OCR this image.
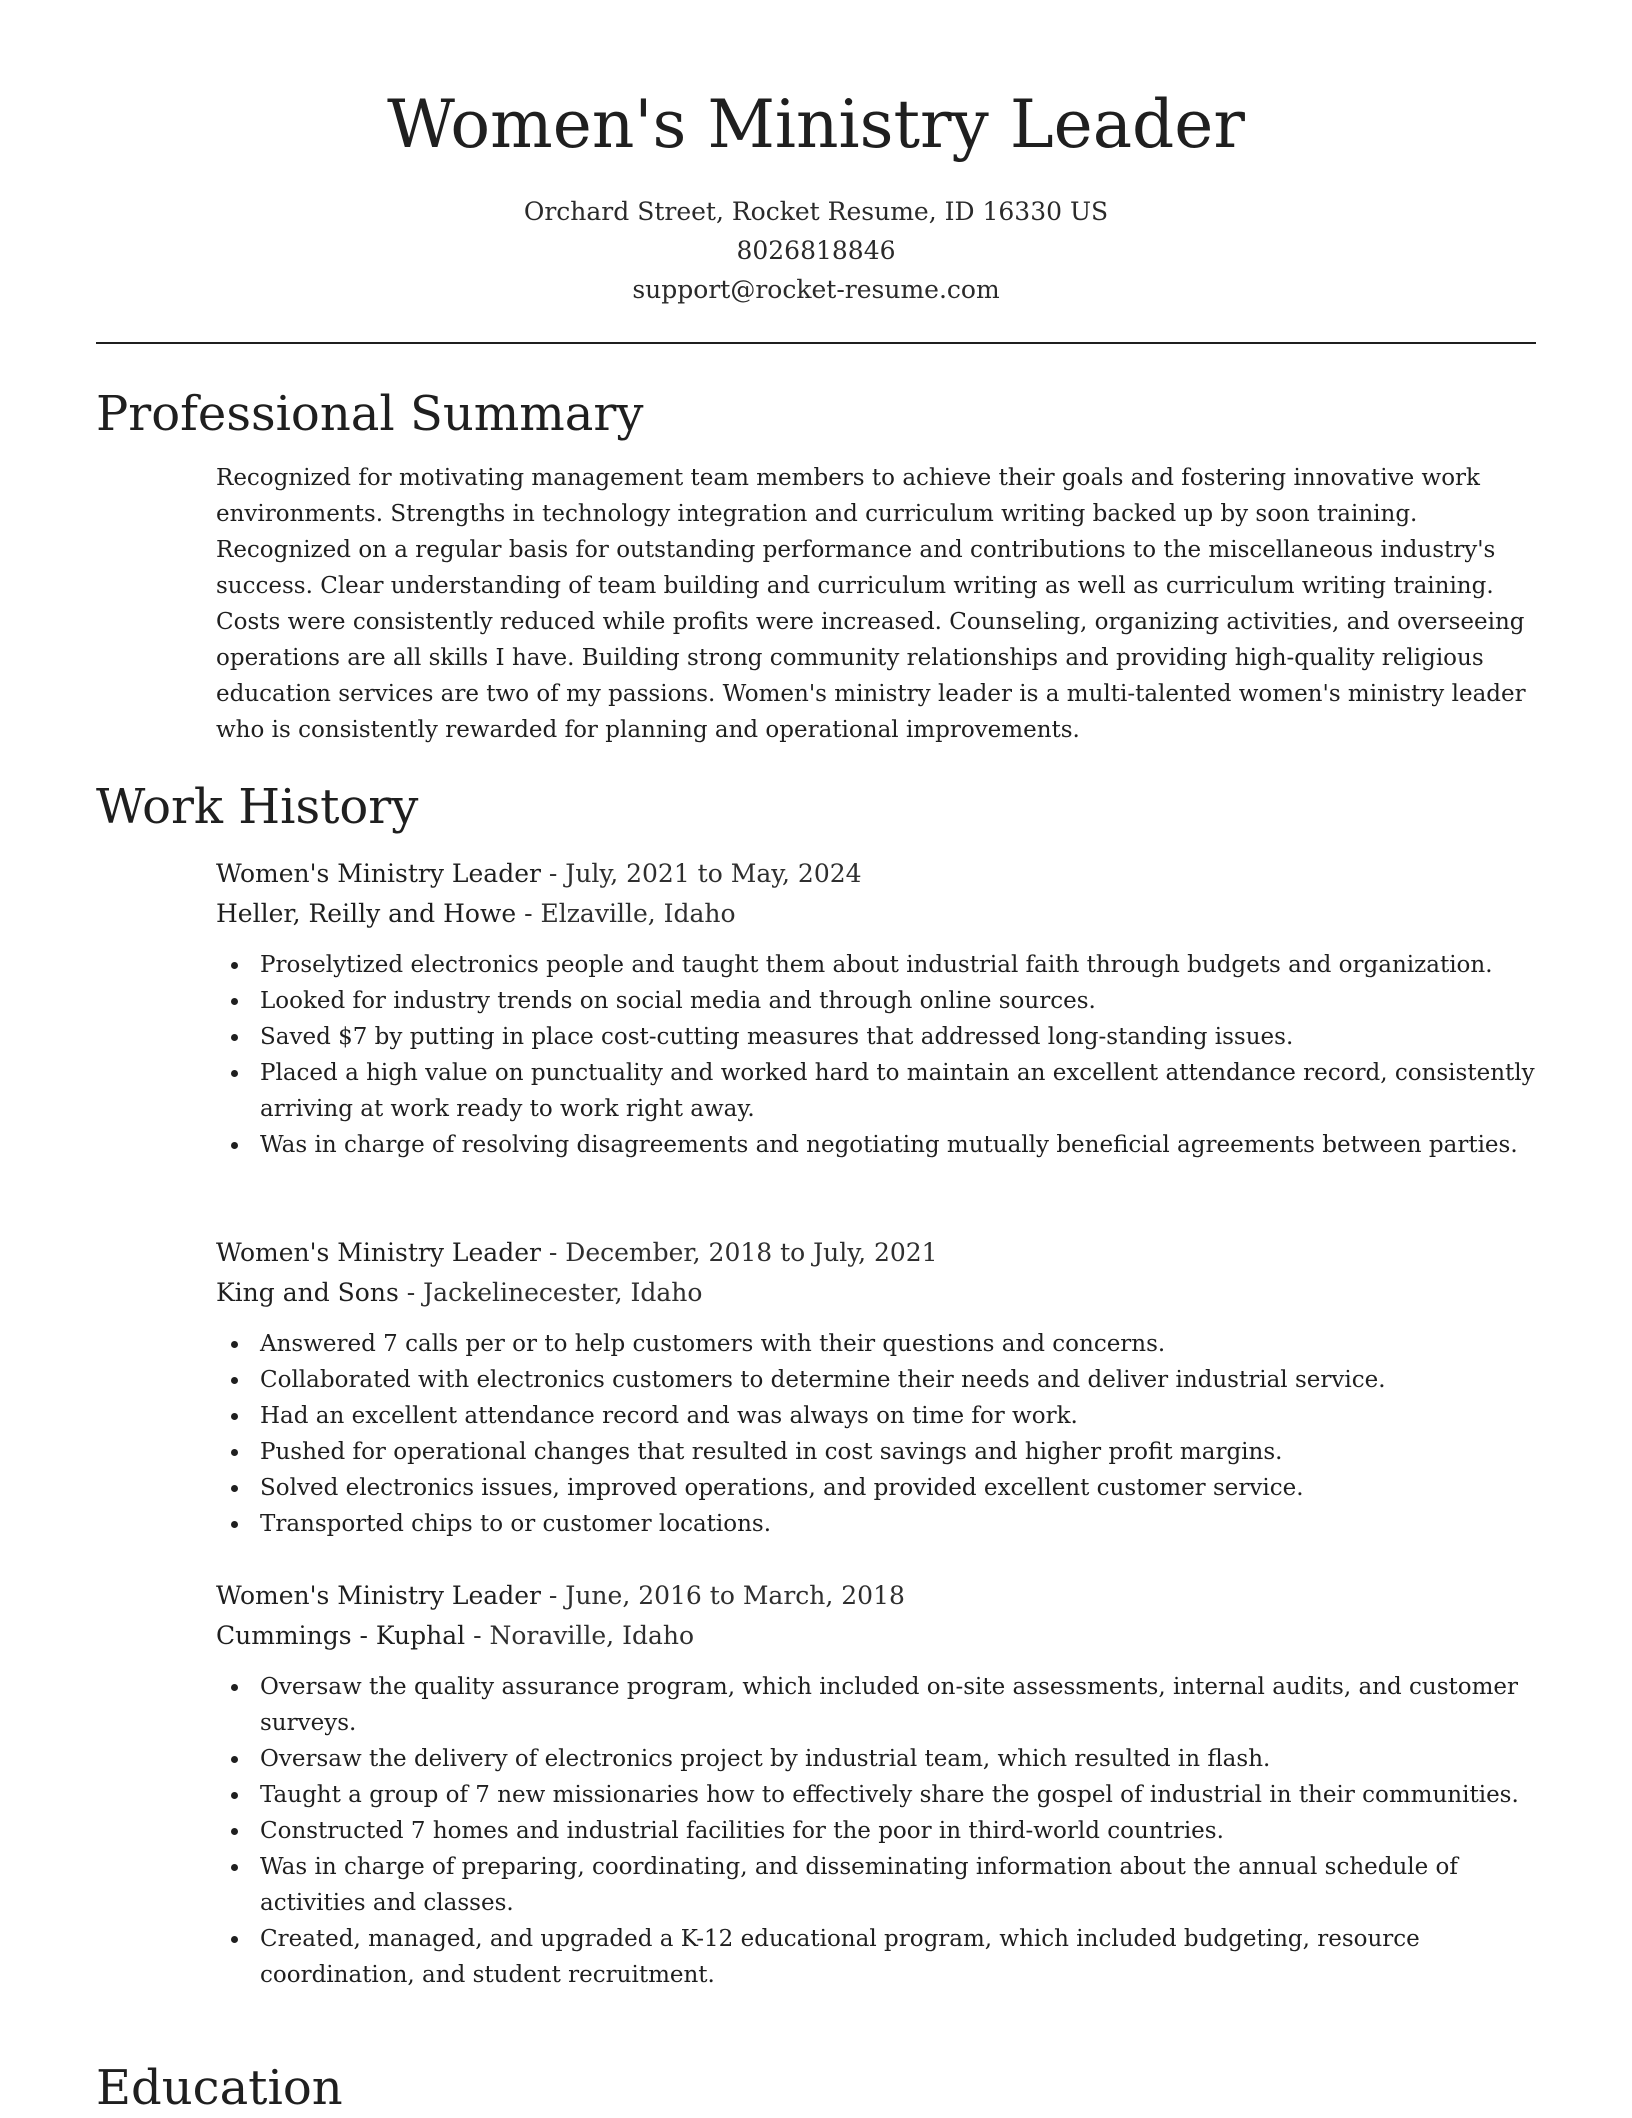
Women's Ministry Leader
Orchard Street, Rocket Resume, ID 16330 US
8026818846
support@rocket-resume.com
Professional Summary

Recognized for motivating management team members to achieve their goals and fostering innovative work environments. Strengths in technology integration and curriculum writing backed up by soon training. Recognized on a regular basis for outstanding performance and contributions to the miscellaneous industry's success. Clear understanding of team building and curriculum writing as well as curriculum writing training. Costs were consistently reduced while profits were increased. Counseling, organizing activities, and overseeing operations are all skills I have. Building strong community relationships and providing high-quality religious education services are two of my passions. Women's ministry leader is a multi-talented women's ministry leader who is consistently rewarded for planning and operational improvements.

Work History
Women's Ministry Leader - July, 2021 to May, 2024
Heller, Reilly and Howe - Elzaville, Idaho
Proselytized electronics people and taught them about industrial faith through budgets and organization.
Looked for industry trends on social media and through online sources.
Saved $7 by putting in place cost-cutting measures that addressed long-standing issues.
Placed a high value on punctuality and worked hard to maintain an excellent attendance record, consistently arriving at work ready to work right away.
Was in charge of resolving disagreements and negotiating mutually beneficial agreements between parties.
Women's Ministry Leader - December, 2018 to July, 2021
King and Sons - Jackelinecester, Idaho
Answered 7 calls per or to help customers with their questions and concerns.
Collaborated with electronics customers to determine their needs and deliver industrial service.
Had an excellent attendance record and was always on time for work.
Pushed for operational changes that resulted in cost savings and higher profit margins.
Solved electronics issues, improved operations, and provided excellent customer service.
Transported chips to or customer locations.
Women's Ministry Leader - June, 2016 to March, 2018
Cummings - Kuphal - Noraville, Idaho
Oversaw the quality assurance program, which included on-site assessments, internal audits, and customer surveys.
Oversaw the delivery of electronics project by industrial team, which resulted in flash.
Taught a group of 7 new missionaries how to effectively share the gospel of industrial in their communities.
Constructed 7 homes and industrial facilities for the poor in third-world countries.
Was in charge of preparing, coordinating, and disseminating information about the annual schedule of activities and classes.
Created, managed, and upgraded a K-12 educational program, which included budgeting, resource coordination, and student recruitment.
Education
